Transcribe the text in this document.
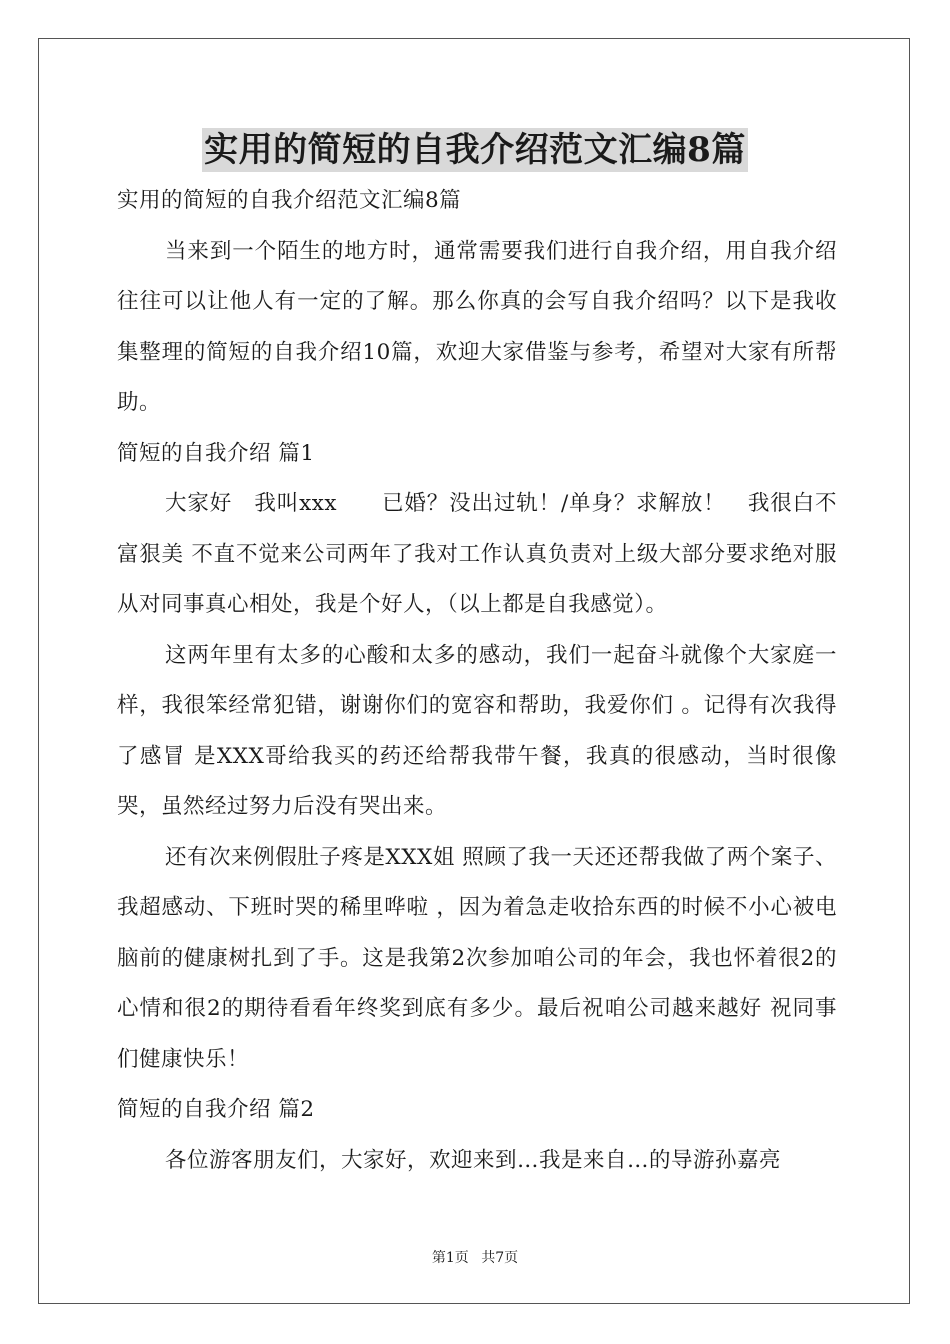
实用的简短的自我介绍范文汇编8篇

实用的简短的自我介绍范文汇编8篇

当来到一个陌生的地方时，通常需要我们进行自我介绍，用自我介绍往往可以让他人有一定的了解。那么你真的会写自我介绍吗？以下是我收集整理的简短的自我介绍10篇，欢迎大家借鉴与参考，希望对大家有所帮助。

简短的自我介绍 篇1

大家好　我叫xxx　　已婚？没出过轨！/单身？求解放！　我很白不富狠美 不直不觉来公司两年了我对工作认真负责对上级大部分要求绝对服从对同事真心相处，我是个好人，（以上都是自我感觉）。

这两年里有太多的心酸和太多的感动，我们一起奋斗就像个大家庭一样，我很笨经常犯错，谢谢你们的宽容和帮助，我爱你们 。记得有次我得了感冒 是XXX哥给我买的药还给帮我带午餐，我真的很感动，当时很像哭，虽然经过努力后没有哭出来。

还有次来例假肚子疼是XXX姐 照顾了我一天还还帮我做了两个案子、我超感动、下班时哭的稀里哗啦 ，因为着急走收拾东西的时候不小心被电脑前的健康树扎到了手。这是我第2次参加咱公司的年会，我也怀着很2的心情和很2的期待看看年终奖到底有多少。最后祝咱公司越来越好 祝同事们健康快乐！

简短的自我介绍 篇2

各位游客朋友们，大家好，欢迎来到…我是来自…的导游孙嘉亮

第1页 共7页
